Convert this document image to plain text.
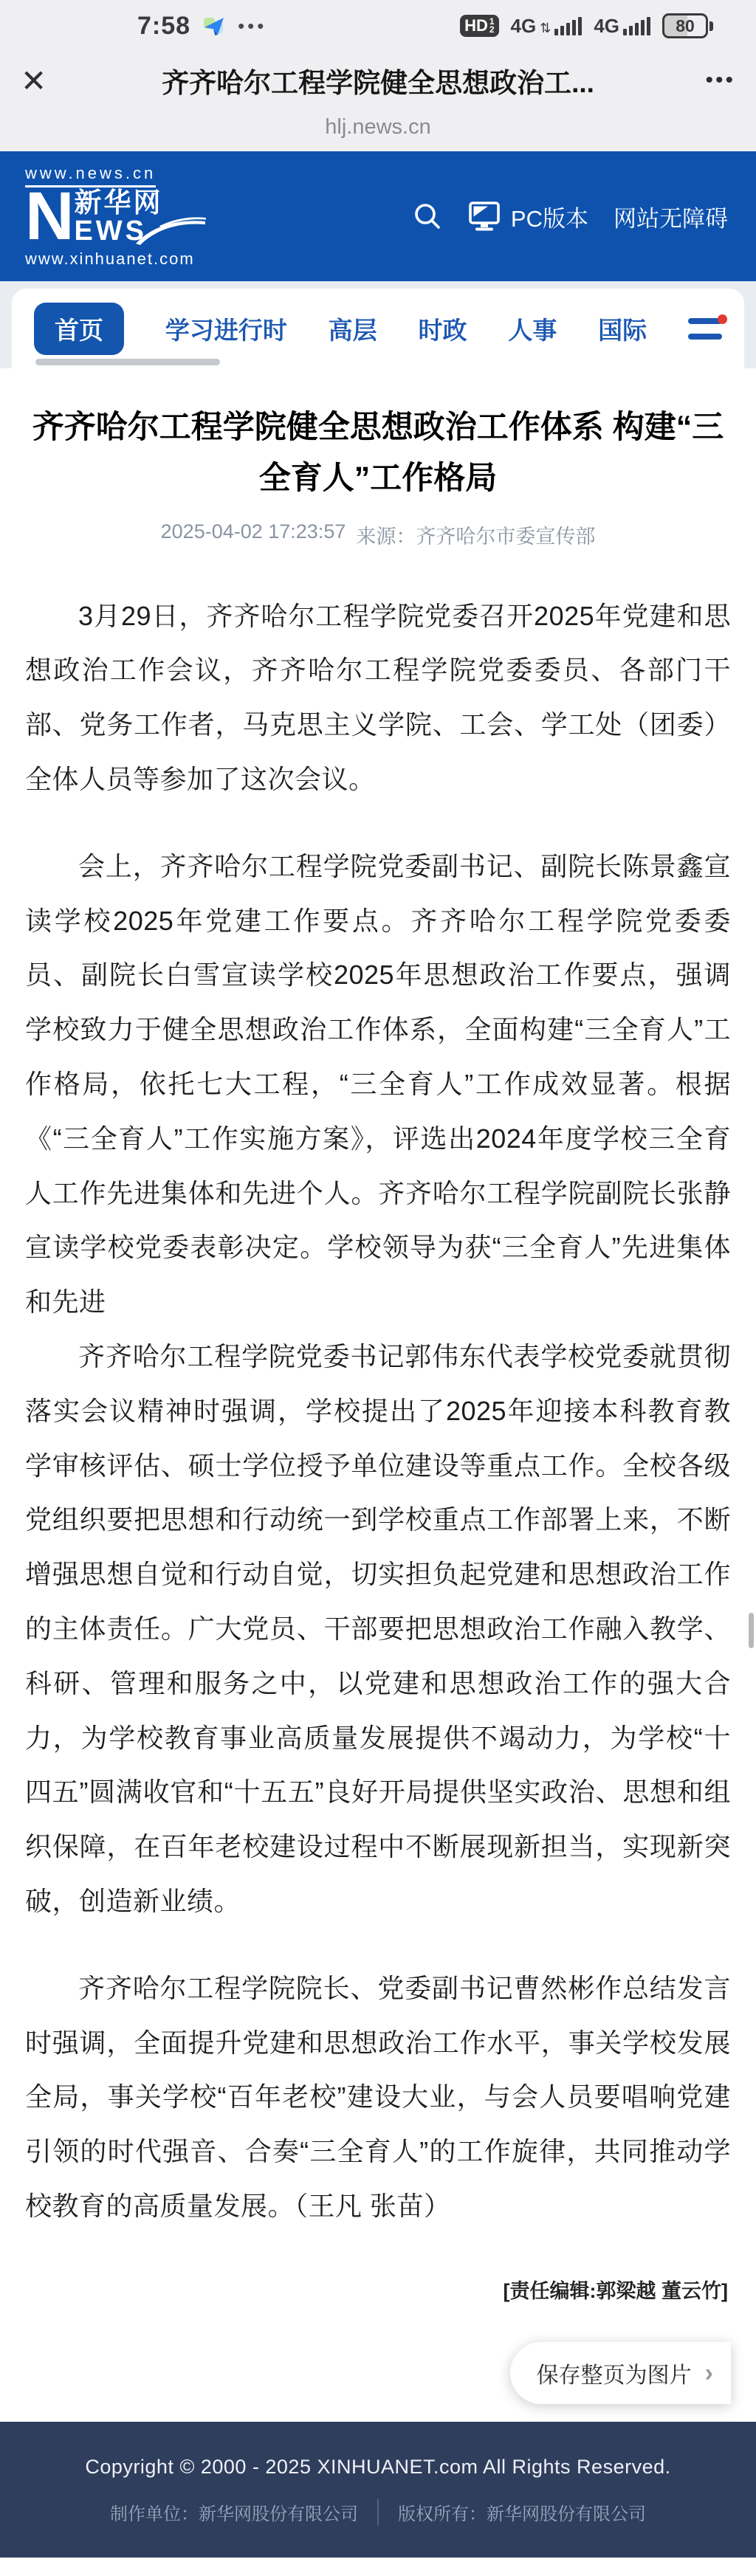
7:58 •••	HD 1
2 4G ⇅ 4G	80
✕	齐齐哈尔工程学院健全思想政治工...	•••
hlj.news.cn
www.news.cn
N 新华网
EWS
www.xinhuanet.com
PC版本 网站无障碍
首页	学习进行时 高层 时政 人事 国际
齐齐哈尔工程学院健全思想政治工作体系 构建“三全育人”工作格局
2025-04-02 17:23:57 来源：齐齐哈尔市委宣传部

3月29日，齐齐哈尔工程学院党委召开2025年党建和思想政治工作会议，齐齐哈尔工程学院党委委员、各部门干部、党务工作者，马克思主义学院、工会、学工处（团委）全体人员等参加了这次会议。

会上，齐齐哈尔工程学院党委副书记、副院长陈景鑫宣读学校2025年党建工作要点。齐齐哈尔工程学院党委委员、副院长白雪宣读学校2025年思想政治工作要点，强调学校致力于健全思想政治工作体系，全面构建“三全育人”工作格局，依托七大工程，“三全育人”工作成效显著。根据《“三全育人”工作实施方案》，评选出2024年度学校三全育人工作先进集体和先进个人。齐齐哈尔工程学院副院长张静宣读学校党委表彰决定。学校领导为获“三全育人”先进集体和先进

齐齐哈尔工程学院党委书记郭伟东代表学校党委就贯彻落实会议精神时强调，学校提出了2025年迎接本科教育教学审核评估、硕士学位授予单位建设等重点工作。全校各级党组织要把思想和行动统一到学校重点工作部署上来，不断增强思想自觉和行动自觉，切实担负起党建和思想政治工作的主体责任。广大党员、干部要把思想政治工作融入教学、科研、管理和服务之中，以党建和思想政治工作的强大合力，为学校教育事业高质量发展提供不竭动力，为学校“十四五”圆满收官和“十五五”良好开局提供坚实政治、思想和组织保障，在百年老校建设过程中不断展现新担当，实现新突破，创造新业绩。

齐齐哈尔工程学院院长、党委副书记曹然彬作总结发言时强调，全面提升党建和思想政治工作水平，事关学校发展全局，事关学校“百年老校”建设大业，与会人员要唱响党建引领的时代强音、合奏“三全育人”的工作旋律，共同推动学校教育的高质量发展。（王凡 张苗）

[责任编辑:郭梁越 董云竹]
保存整页为图片 ›
Copyright © 2000 - 2025 XINHUANET.com All Rights Reserved.
制作单位：新华网股份有限公司	版权所有：新华网股份有限公司
